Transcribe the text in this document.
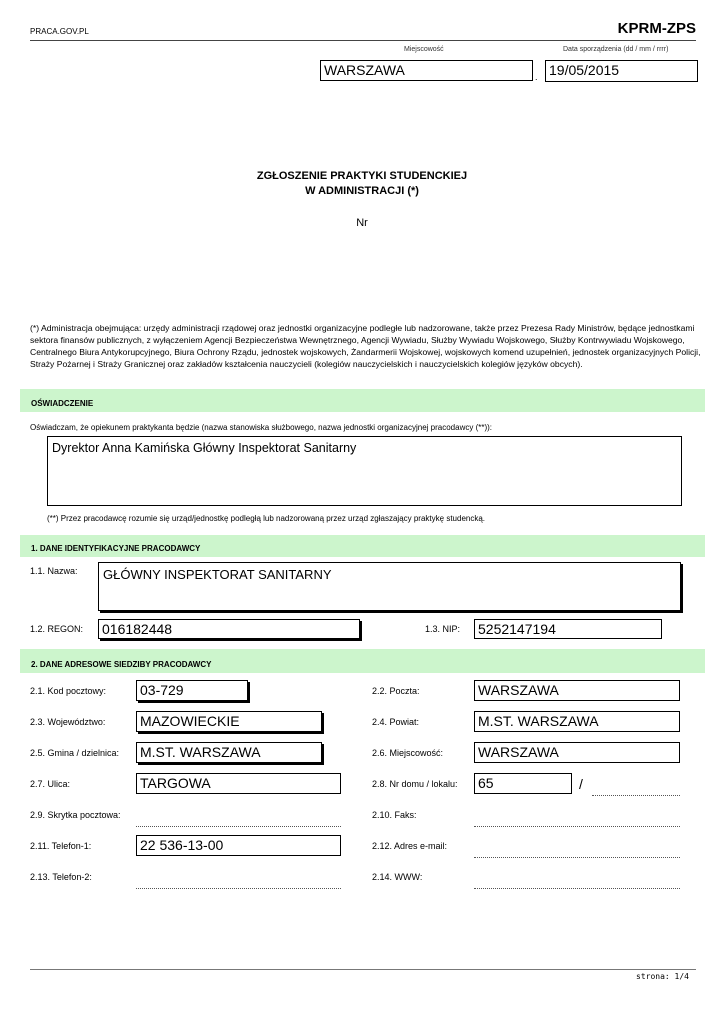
PRACA.GOV.PL	KPRM-ZPS
Miejscowość	Data sporządzenia (dd / mm / rrrr)
WARSZAWA	. 19/05/2015
ZGŁOSZENIE PRAKTYKI STUDENCKIEJ
W ADMINISTRACJI (*)
Nr
(*) Administracja obejmująca: urzędy administracji rządowej oraz jednostki organizacyjne podległe lub nadzorowane, także przez Prezesa Rady Ministrów, będące jednostkami sektora finansów publicznych, z wyłączeniem Agencji Bezpieczeństwa Wewnętrznego, Agencji Wywiadu, Służby Wywiadu Wojskowego, Służby Kontrwywiadu Wojskowego, Centralnego Biura Antykorupcyjnego, Biura Ochrony Rządu, jednostek wojskowych, Żandarmerii Wojskowej, wojskowych komend uzupełnień, jednostek organizacyjnych Policji, Straży Pożarnej i Straży Granicznej oraz zakładów kształcenia nauczycieli (kolegiów nauczycielskich i nauczycielskich kolegiów języków obcych).
OŚWIADCZENIE
Oświadczam, że opiekunem praktykanta będzie (nazwa stanowiska służbowego, nazwa jednostki organizacyjnej pracodawcy (**)):
Dyrektor Anna Kamińska Główny Inspektorat Sanitarny
(**) Przez pracodawcę rozumie się urząd/jednostkę podległą lub nadzorowaną przez urząd zgłaszający praktykę studencką.
1. DANE IDENTYFIKACYJNE PRACODAWCY
1.1. Nazwa:	GŁÓWNY INSPEKTORAT SANITARNY
1.2. REGON: 016182448	1.3. NIP: 5252147194
2. DANE ADRESOWE SIEDZIBY PRACODAWCY
2.1. Kod pocztowy: 03-729	2.2. Poczta:	WARSZAWA
2.3. Województwo: MAZOWIECKIE	2.4. Powiat:	M.ST. WARSZAWA
2.5. Gmina / dzielnica: M.ST. WARSZAWA	2.6. Miejscowość: WARSZAWA
2.7. Ulica:	TARGOWA	2.8. Nr domu / lokalu: 65	/
2.9. Skrytka pocztowa:	2.10. Faks:
2.11. Telefon-1:	22 536-13-00	2.12. Adres e-mail:
2.13. Telefon-2:	2.14. WWW:
strona: 1/4
